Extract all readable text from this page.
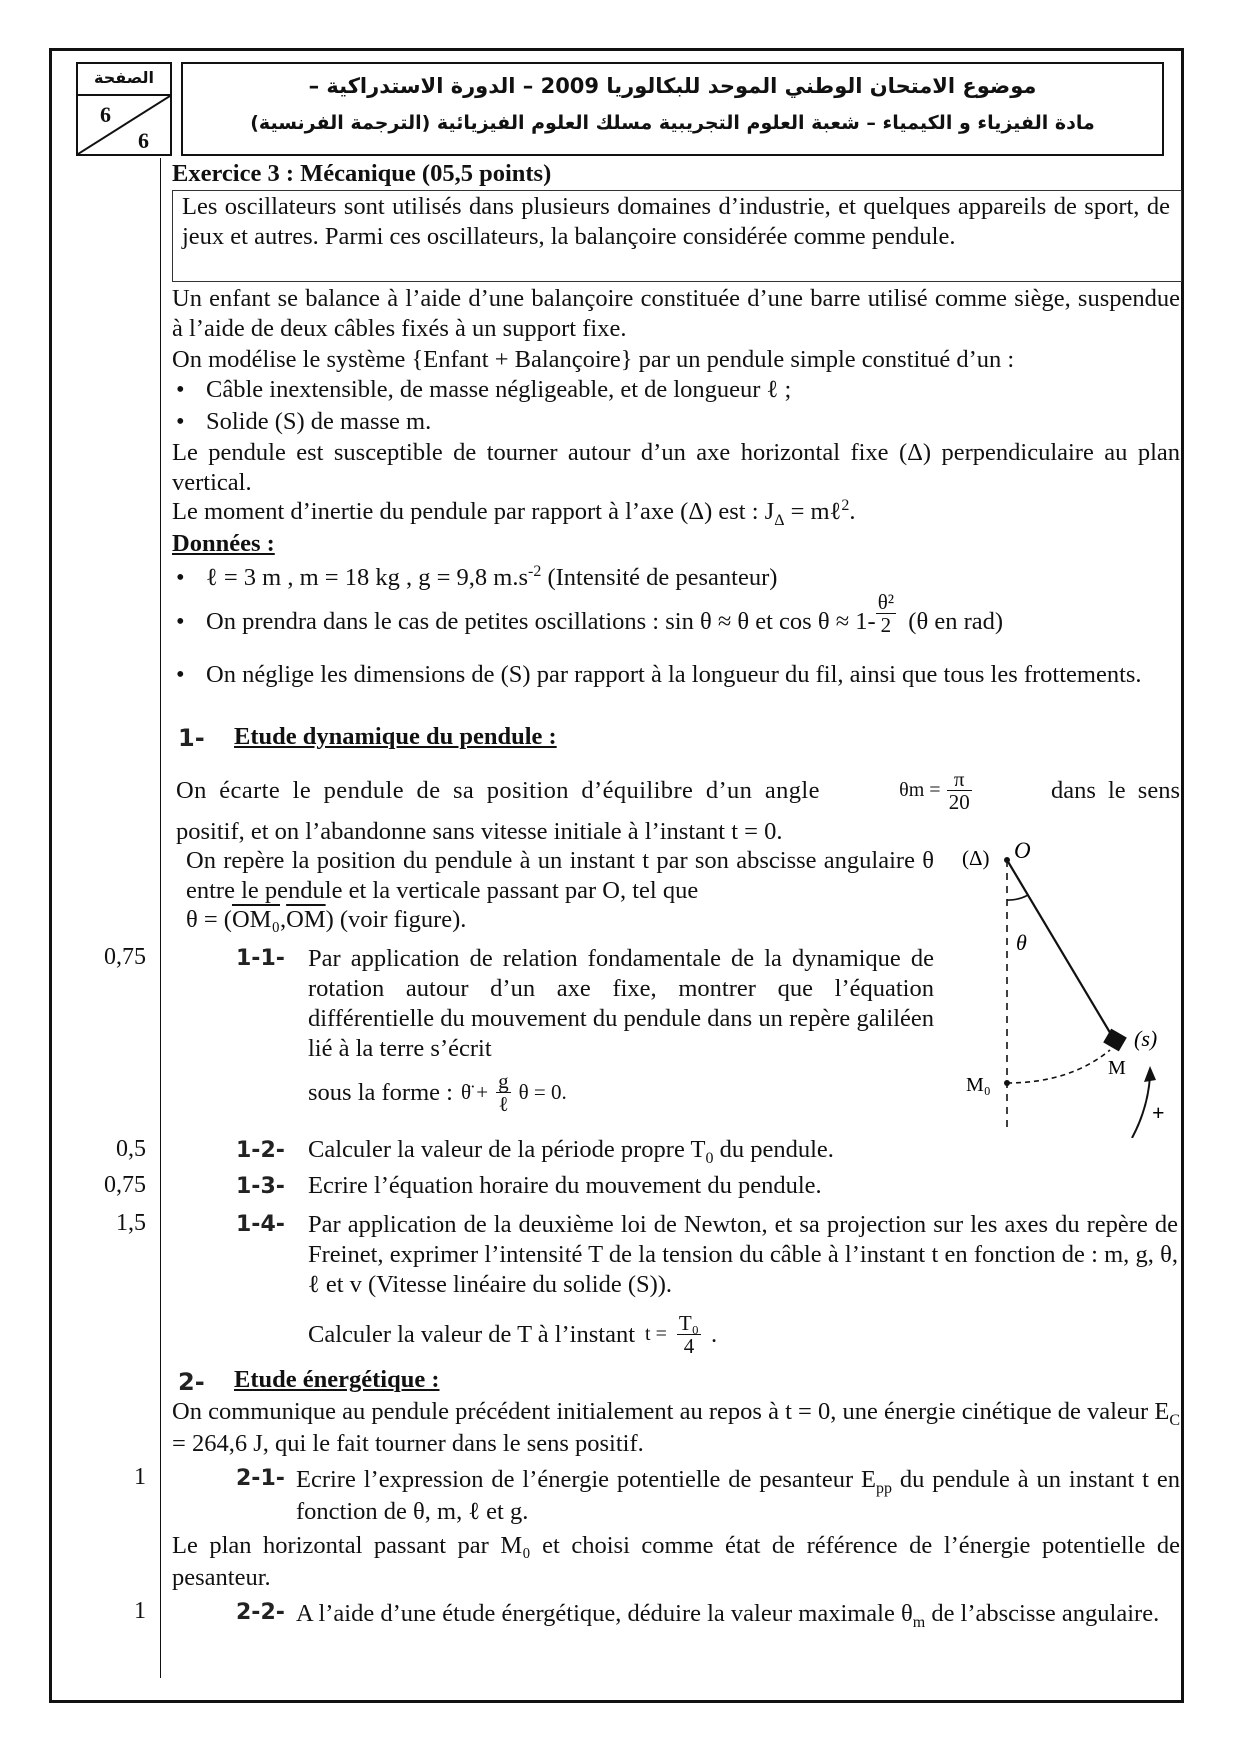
الصفحة
6
6
موضوع الامتحان الوطني الموحد للبكالوريا 2009 – الدورة الاستدراكية –
مادة الفيزياء و الكيمياء – شعبة العلوم التجريبية مسلك العلوم الفيزيائية (الترجمة الفرنسية)
Exercice 3 : Mécanique (05,5 points)
Les oscillateurs sont utilisés dans plusieurs domaines d’industrie, et quelques appareils de sport, de jeux et autres. Parmi ces oscillateurs, la balançoire considérée comme pendule.
Un enfant se balance à l’aide d’une balançoire constituée d’une barre utilisé comme siège, suspendue à l’aide de deux câbles fixés à un support fixe.
On modélise le système {Enfant + Balançoire} par un pendule simple constitué d’un :
• Câble inextensible, de masse négligeable, et de longueur ℓ ;
• Solide (S) de masse m.
Le pendule est susceptible de tourner autour d’un axe horizontal fixe (Δ) perpendiculaire au plan vertical.
Le moment d’inertie du pendule par rapport à l’axe (Δ) est : $J_\Delta$ = mℓ$^2$.
Données :
• ℓ = 3 m , m = 18 kg , g = 9,8 $m.s^{-2}$ (Intensité de pesanteur)
• On prendra dans le cas de petites oscillations : sin θ ≈ θ et $\cos \theta \approx 1- \frac{\text{θ²}}{2} (\theta$ en rad)
• On néglige les dimensions de (S) par rapport à la longueur du fil, ainsi que tous les frottements.
1- Etude dynamique du pendule :
On écarte le pendule de sa position d’équilibre d’un angle	$\theta m = \frac{\pi}{20}$	dans le sens
positif, et on l’abandonne sans vitesse initiale à l’instant t = 0.
On repère la position du pendule à un instant t par son abscisse angulaire θ entre le pendule et la verticale passant par O, tel que
$\theta = (OM_0,\overline{OM})$ (voir figure).
0,75	1-1- Par application de relation fondamentale de la dynamique de rotation autour d’un axe fixe, montrer que l’équation différentielle du mouvement du pendule dans un repère galiléen lié à la terre s’écrit
sous la forme : θ̈ + $\frac{g}{\text{ℓ}}$ θ = 0.
(Δ) O
θ
(s)
M
M₀
+
0,5	1-2- Calculer la valeur de la période propre $T_0$ du pendule.
0,75	1-3- Ecrire l’équation horaire du mouvement du pendule.
1,5	1-4- Par application de la deuxième loi de Newton, et sa projection sur les axes du repère de Freinet, exprimer l’intensité T de la tension du câble à l’instant t en fonction de : m, g, θ, ℓ et v (Vitesse linéaire du solide (S)).
Calculer la valeur de T à l’instant $t = \frac{\text{T₀}}{4}$ .
2- Etude énergétique :
On communique au pendule précédent initialement au repos à t = 0, une énergie cinétique de valeur $E_C = 264,6$ J, qui le fait tourner dans le sens positif.
1	2-1- Ecrire l’expression de l’énergie potentielle de pesanteur $E_{pp}$ du pendule à un instant t en fonction de θ, m, ℓ et g.
Le plan horizontal passant par M₀ et choisi comme état de référence de l’énergie potentielle de pesanteur.
1	2-2- A l’aide d’une étude énergétique, déduire la valeur maximale $\theta_m$ de l’abscisse angulaire.
